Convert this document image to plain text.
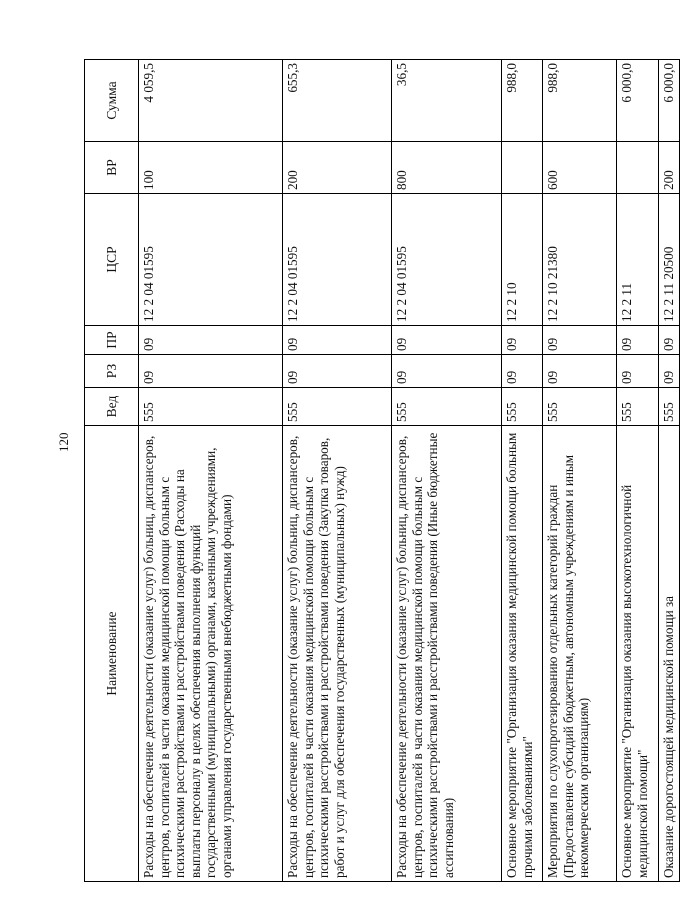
120
Наименование	Вед	РЗ	ПР	ЦСР	ВР	Сумма
Расходы на обеспечение деятельности (оказание услуг) больниц, диспансеров, центров, госпиталей в части оказания медицинской помощи больным с психическими расстройствами и расстройствами поведения (Расходы на выплаты персоналу в целях обеспечения выполнения функций государственными (муниципальными) органами, казенными учреждениями, органами управления государственными внебюджетными фондами)	555	09	09	12 2 04 01595	100	4 059,5
Расходы на обеспечение деятельности (оказание услуг) больниц, диспансеров, центров, госпиталей в части оказания медицинской помощи больным с психическими расстройствами и расстройствами поведения (Закупка товаров, работ и услуг для обеспечения государственных (муниципальных) нужд)	555	09	09	12 2 04 01595	200	655,3
Расходы на обеспечение деятельности (оказание услуг) больниц, диспансеров, центров, госпиталей в части оказания медицинской помощи больным с психическими расстройствами и расстройствами поведения (Иные бюджетные ассигнования)	555	09	09	12 2 04 01595	800	36,5
Основное мероприятие "Организация оказания медицинской помощи больным прочими заболеваниями"	555	09	09	12 2 10		988,0
Мероприятия по слухопротезированию отдельных категорий граждан (Предоставление субсидий бюджетным, автономным учреждениям и иным некоммерческим организациям)	555	09	09	12 2 10 21380	600	988,0
Основное мероприятие "Организация оказания высокотехнологичной медицинской помощи"	555	09	09	12 2 11		6 000,0
Оказание дорогостоящей медицинской помощи за	555	09	09	12 2 11 20500	200	6 000,0
